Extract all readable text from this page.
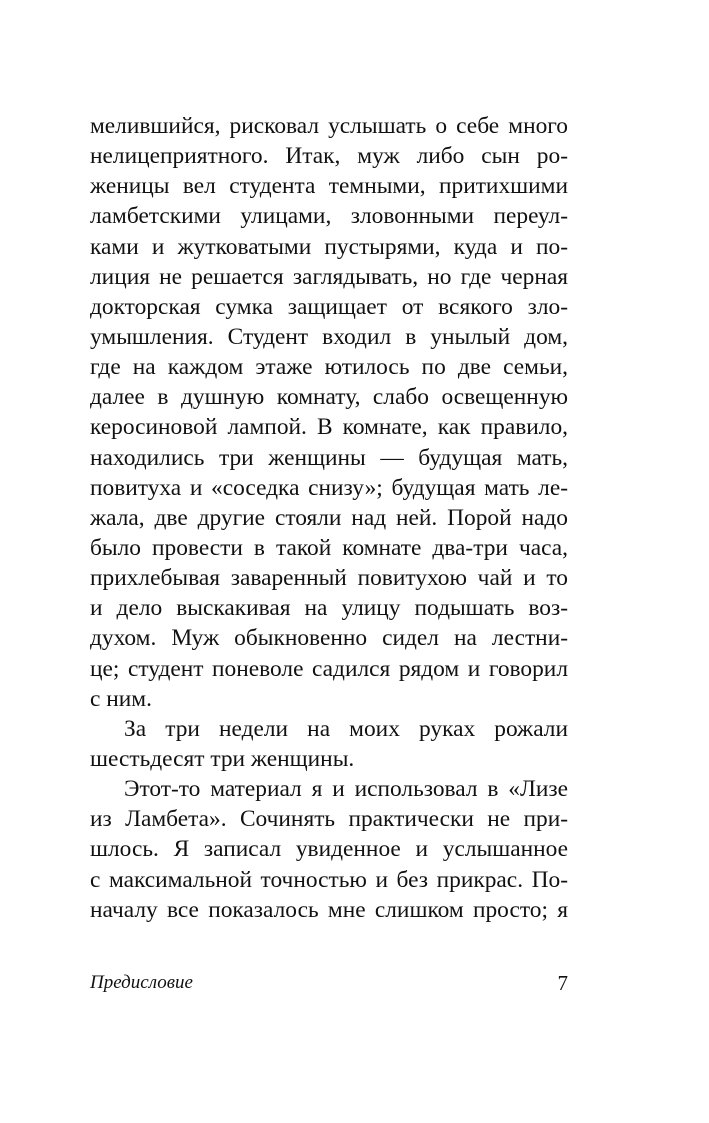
мелившийся, рисковал услышать о себе много
нелицеприятного. Итак, муж либо сын ро-
женицы вел студента темными, притихшими
ламбетскими улицами, зловонными переул-
ками и жутковатыми пустырями, куда и по-
лиция не решается заглядывать, но где черная
докторская сумка защищает от всякого зло-
умышления. Студент входил в унылый дом,
где на каждом этаже ютилось по две семьи,
далее в душную комнату, слабо освещенную
керосиновой лампой. В комнате, как правило,
находились три женщины — будущая мать,
повитуха и «соседка снизу»; будущая мать ле-
жала, две другие стояли над ней. Порой надо
было провести в такой комнате два-три часа,
прихлебывая заваренный повитухою чай и то
и дело выскакивая на улицу подышать воз-
духом. Муж обыкновенно сидел на лестни-
це; студент поневоле садился рядом и говорил
с ним.
За три недели на моих руках рожали
шестьдесят три женщины.
Этот-то материал я и использовал в «Лизе
из Ламбета». Сочинять практически не при-
шлось. Я записал увиденное и услышанное
с максимальной точностью и без прикрас. По-
началу все показалось мне слишком просто; я
Предисловие	7
